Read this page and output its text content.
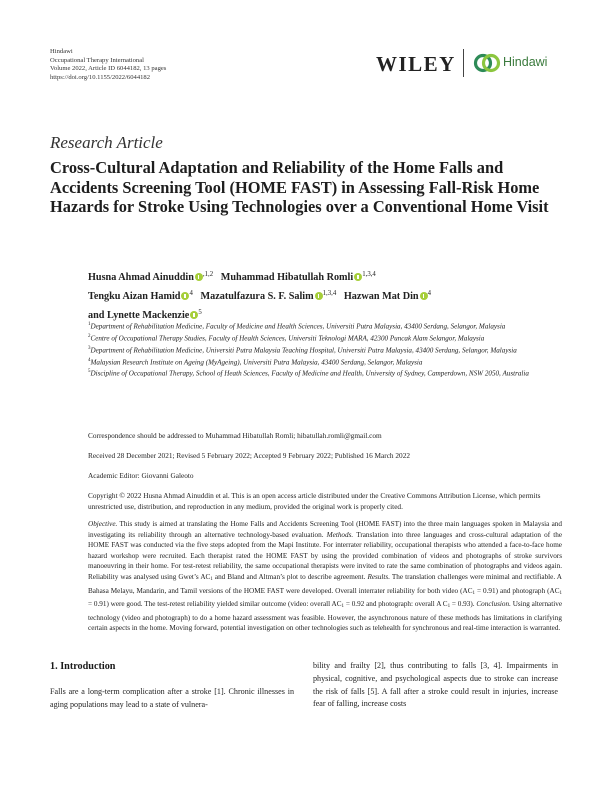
Hindawi
Occupational Therapy International
Volume 2022, Article ID 6044182, 13 pages
https://doi.org/10.1155/2022/6044182
WILEY	Hindawi
Research Article
Cross-Cultural Adaptation and Reliability of the Home Falls and Accidents Screening Tool (HOME FAST) in Assessing Fall-Risk Home Hazards for Stroke Using Technologies over a Conventional Home Visit
Husna Ahmad Ainuddin $^{,1,2}$ Muhammad Hibatullah Romli $^{1,3,4}$
Tengku Aizan Hamid $^4$ Mazatulfazura S. F. Salim $^{1,3,4}$ Hazwan Mat Din $^4$
and Lynette Mackenzie $^5$

$^1$Department of Rehabilitation Medicine, Faculty of Medicine and Health Sciences, Universiti Putra Malaysia, 43400 Serdang, Selangor, Malaysia

$^2$Centre of Occupational Therapy Studies, Faculty of Health Sciences, Universiti Teknologi MARA, 42300 Puncak Alam Selangor, Malaysia

$^3$Department of Rehabilitation Medicine, Universiti Putra Malaysia Teaching Hospital, Universiti Putra Malaysia, 43400 Serdang, Selangor, Malaysia

$^4$Malaysian Research Institute on Ageing (MyAgeing), Universiti Putra Malaysia, 43400 Serdang, Selangor, Malaysia

$^5$Discipline of Occupational Therapy, School of Heath Sciences, Faculty of Medicine and Health, University of Sydney, Camperdown, NSW 2050, Australia

Correspondence should be addressed to Muhammad Hibatullah Romli; hibatullah.romli@gmail.com
Received 28 December 2021; Revised 5 February 2022; Accepted 9 February 2022; Published 16 March 2022
Academic Editor: Giovanni Galeoto
Copyright © 2022 Husna Ahmad Ainuddin et al. This is an open access article distributed under the Creative Commons Attribution License, which permits unrestricted use, distribution, and reproduction in any medium, provided the original work is properly cited.

Objective. This study is aimed at translating the Home Falls and Accidents Screening Tool (HOME FAST) into the three main languages spoken in Malaysia and investigating its reliability through an alternative technology-based evaluation. Methods. Translation into three languages and cross-cultural adaptation of the HOME FAST was conducted via the five steps adopted from the Mapi Institute. For interrater reliability, occupational therapists who attended a face-to-face home hazard workshop were recruited. Each therapist rated the HOME FAST by using the provided combination of videos and photographs of stroke survivors manoeuvring in their home. For test-retest reliability, the same occupational therapists were invited to rate the same combination of photographs and videos again. Reliability was analysed using Gwet’s $AC_1$ and Bland and Altman’s plot to describe agreement. Results. The translation challenges were minimal and rectifiable. A Bahasa Melayu, Mandarin, and Tamil versions of the HOME FAST were developed. Overall interrater reliability for both video $(AC_1 = 0.91)$ and photograph $(AC_1 = 0.91)$ were good. The test-retest reliability yielded similar outcome (video: overall $AC_1 = 0.92$ and photograph: overall A $C_1 = 0.93$). Conclusion. Using alternative technology (video and photograph) to do a home hazard assessment was feasible. However, the asynchronous nature of these methods has limitations in clarifying certain aspects in the home. Moving forward, potential investigation on other technologies such as telehealth for synchronous and real-time interaction is warranted.

1. Introduction
Falls are a long-term complication after a stroke [1]. Chronic illnesses in aging populations may lead to a state of vulnera-
bility and frailty [2], thus contributing to falls [3, 4]. Impairments in physical, cognitive, and psychological aspects due to stroke can increase the risk of falls [5]. A fall after a stroke could result in injuries, increase fear of falling, increase costs
